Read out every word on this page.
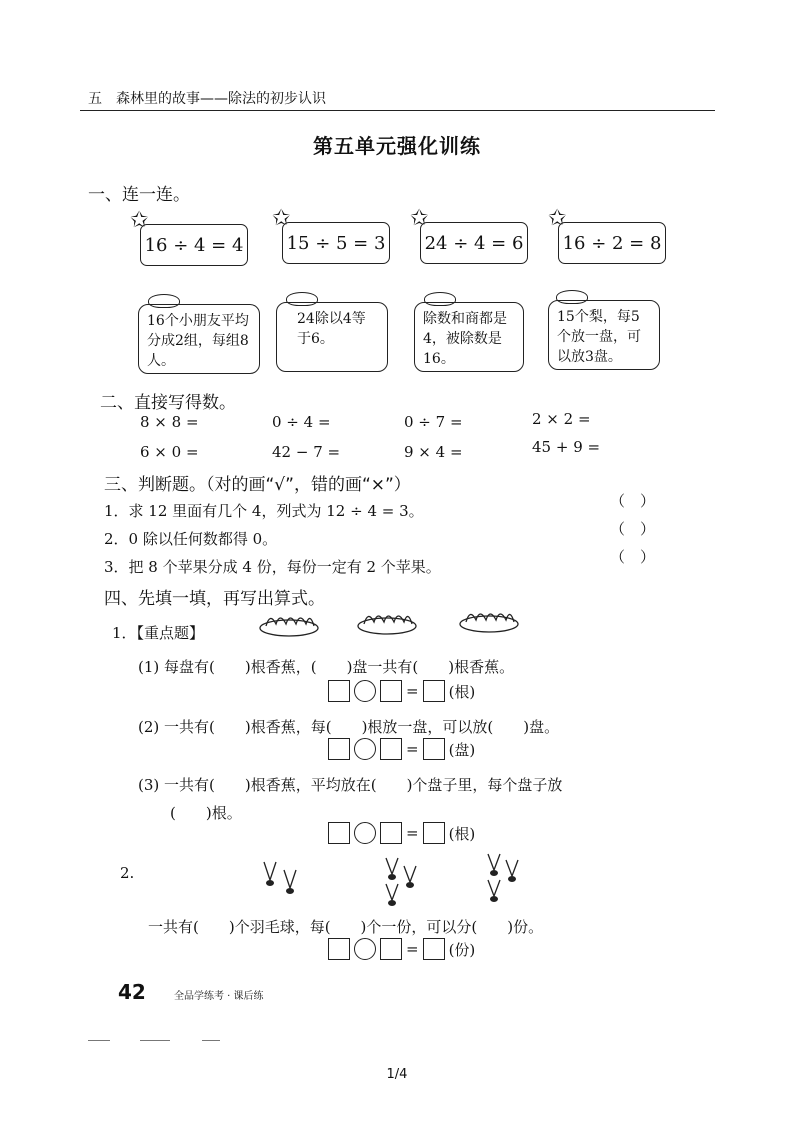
五　森林里的故事——除法的初步认识
第五单元强化训练
一、连一连。
✩
16 ÷ 4 = 4
✩
15 ÷ 5 = 3
✩
24 ÷ 4 = 6
✩
16 ÷ 2 = 8
16个小朋友平均分成2组，每组8人。
24除以4等于6。
除数和商都是4，被除数是16。
15个梨，每5个放一盘，可以放3盘。
二、直接写得数。
8 × 8 =	0 ÷ 4 =	0 ÷ 7 =	2 × 2 =
6 × 0 =	42 − 7 =	9 × 4 =	45 + 9 =
三、判断题。（对的画“√”，错的画“×”）
1．求 12 里面有几个 4，列式为 12 ÷ 4 = 3。
2．0 除以任何数都得 0。
3．把 8 个苹果分成 4 份，每份一定有 2 个苹果。
（　）
（　）
（　）
四、先填一填，再写出算式。
1．【重点题】
(1) 每盘有(　　)根香蕉，(　　)盘一共有(　　)根香蕉。
= (根)
(2) 一共有(　　)根香蕉，每(　　)根放一盘，可以放(　　)盘。
= (盘)
(3) 一共有(　　)根香蕉，平均放在(　　)个盘子里，每个盘子放
(　　)根。
= (根)
2.
一共有(　　)个羽毛球，每(　　)个一份，可以分(　　)份。
= (份)
42	全品学练考 · 课后练
1/4
